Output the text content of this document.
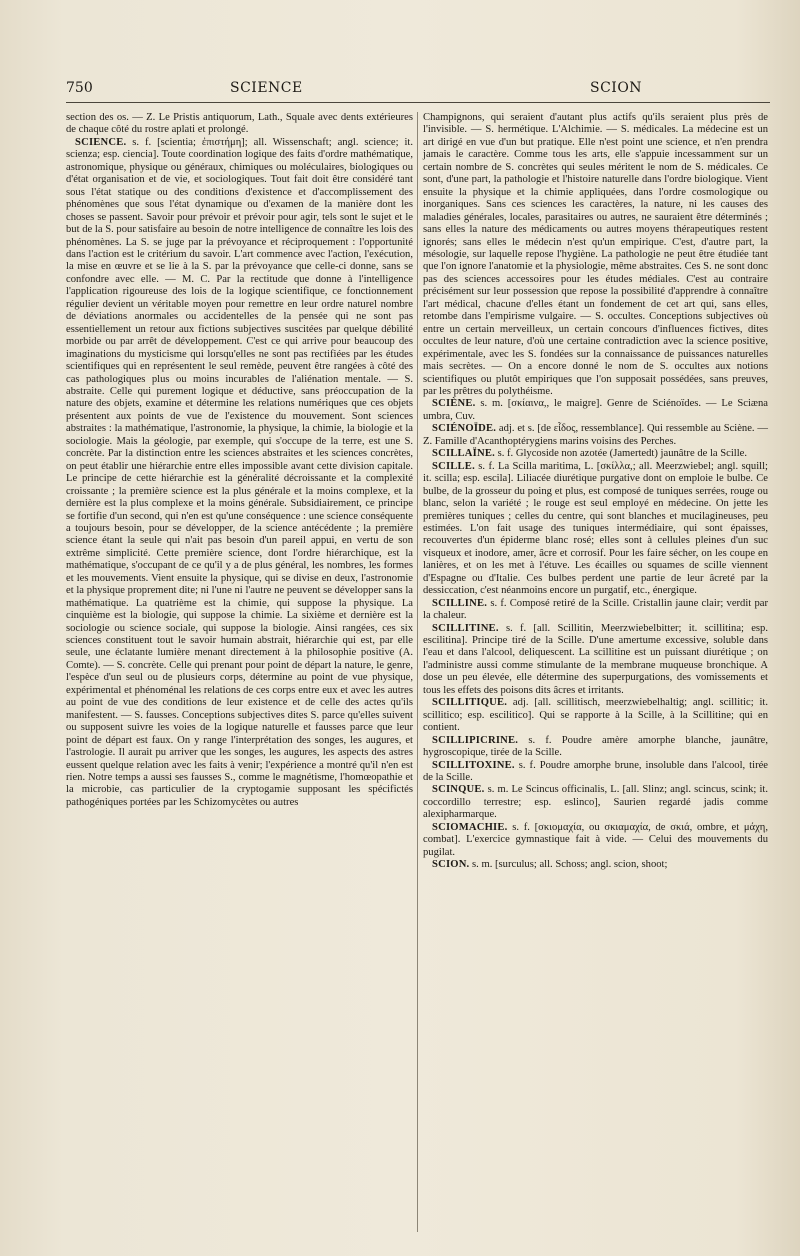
750	SCIENCE	SCION

section des os. — Z. Le Pristis antiquorum, Lath., Squale avec dents extérieures de chaque côté du rostre aplati et prolongé.

SCIENCE. s. f. [scientia; ἐπιστήμη]; all. Wissenschaft; angl. science; it. scienza; esp. ciencia]. Toute coordination logique des faits d'ordre mathématique, astronomique, physique ou généraux, chimiques ou moléculaires, biologiques ou d'état organisation et de vie, et sociologiques. Tout fait doit être considéré tant sous l'état statique ou des conditions d'existence et d'accomplissement des phénomènes que sous l'état dynamique ou d'examen de la manière dont les choses se passent. Savoir pour prévoir et prévoir pour agir, tels sont le sujet et le but de la S. pour satisfaire au besoin de notre intelligence de connaître les lois des phénomènes. La S. se juge par la prévoyance et réciproquement : l'opportunité dans l'action est le critérium du savoir. L'art commence avec l'action, l'exécution, la mise en œuvre et se lie à la S. par la prévoyance que celle-ci donne, sans se confondre avec elle. — M. C. Par la rectitude que donne à l'intelligence l'application rigoureuse des lois de la logique scientifique, ce fonctionnement régulier devient un véritable moyen pour remettre en leur ordre naturel nombre de déviations anormales ou accidentelles de la pensée qui ne sont pas essentiellement un retour aux fictions subjectives suscitées par quelque débilité morbide ou par arrêt de développement. C'est ce qui arrive pour beaucoup des imaginations du mysticisme qui lorsqu'elles ne sont pas rectifiées par les études scientifiques qui en représentent le seul remède, peuvent être rangées à côté des cas pathologiques plus ou moins incurables de l'aliénation mentale. — S. abstraite. Celle qui purement logique et déductive, sans préoccupation de la nature des objets, examine et détermine les relations numériques que ces objets présentent aux points de vue de l'existence du mouvement. Sont sciences abstraites : la mathématique, l'astronomie, la physique, la chimie, la biologie et la sociologie. Mais la géologie, par exemple, qui s'occupe de la terre, est une S. concrète. Par la distinction entre les sciences abstraites et les sciences concrètes, on peut établir une hiérarchie entre elles impossible avant cette division capitale. Le principe de cette hiérarchie est la généralité décroissante et la complexité croissante ; la première science est la plus générale et la moins complexe, et la dernière est la plus complexe et la moins générale. Subsidiairement, ce principe se fortifie d'un second, qui n'en est qu'une conséquence : une science conséquente a toujours besoin, pour se développer, de la science antécédente ; la première science étant la seule qui n'ait pas besoin d'un pareil appui, en vertu de son extrême simplicité. Cette première science, dont l'ordre hiérarchique, est la mathématique, s'occupant de ce qu'il y a de plus général, les nombres, les formes et les mouvements. Vient ensuite la physique, qui se divise en deux, l'astronomie et la physique proprement dite; ni l'une ni l'autre ne peuvent se développer sans la mathématique. La quatrième est la chimie, qui suppose la physique. La cinquième est la biologie, qui suppose la chimie. La sixième et dernière est la sociologie ou science sociale, qui suppose la biologie. Ainsi rangées, ces six sciences constituent tout le savoir humain abstrait, hiérarchie qui est, par elle seule, une éclatante lumière menant directement à la philosophie positive (A. Comte). — S. concrète. Celle qui prenant pour point de départ la nature, le genre, l'espèce d'un seul ou de plusieurs corps, détermine au point de vue physique, expérimental et phénoménal les relations de ces corps entre eux et avec les autres au point de vue des conditions de leur existence et de celle des actes qu'ils manifestent. — S. fausses. Conceptions subjectives dites S. parce qu'elles suivent ou supposent suivre les voies de la logique naturelle et fausses parce que leur point de départ est faux. On y range l'interprétation des songes, les augures, et l'astrologie. Il aurait pu arriver que les songes, les augures, les aspects des astres eussent quelque relation avec les faits à venir; l'expérience a montré qu'il n'en est rien. Notre temps a aussi ses fausses S., comme le magnétisme, l'homœopathie et la microbie, cas particulier de la cryptogamie supposant les spécifictés pathogéniques portées par les Schizomycètes ou autres

Champignons, qui seraient d'autant plus actifs qu'ils seraient plus près de l'invisible. — S. hermétique. L'Alchimie. — S. médicales. La médecine est un art dirigé en vue d'un but pratique. Elle n'est point une science, et n'en prendra jamais le caractère. Comme tous les arts, elle s'appuie incessamment sur un certain nombre de S. concrètes qui seules méritent le nom de S. médicales. Ce sont, d'une part, la pathologie et l'histoire naturelle dans l'ordre biologique. Vient ensuite la physique et la chimie appliquées, dans l'ordre cosmologique ou inorganiques. Sans ces sciences les caractères, la nature, ni les causes des maladies générales, locales, parasitaires ou autres, ne sauraient être déterminés ; sans elles la nature des médicaments ou autres moyens thérapeutiques restent ignorés; sans elles le médecin n'est qu'un empirique. C'est, d'autre part, la mésologie, sur laquelle repose l'hygiène. La pathologie ne peut être étudiée tant que l'on ignore l'anatomie et la physiologie, même abstraites. Ces S. ne sont donc pas des sciences accessoires pour les études médiales. C'est au contraire précisément sur leur possession que repose la possibilité d'apprendre à connaître l'art médical, chacune d'elles étant un fondement de cet art qui, sans elles, retombe dans l'empirisme vulgaire. — S. occultes. Conceptions subjectives où entre un certain merveilleux, un certain concours d'influences fictives, dites occultes de leur nature, d'où une certaine contradiction avec la science positive, expérimentale, avec les S. fondées sur la connaissance de puissances naturelles mais secrètes. — On a encore donné le nom de S. occultes aux notions scientifiques ou plutôt empiriques que l'on supposait possédées, sans preuves, par les prêtres du polythéisme.

SCIÈNE. s. m. [σκίαινα,, le maigre]. Genre de Sciénoïdes. — Le Sciæna umbra, Cuv.

SCIÉNOÏDE. adj. et s. [de εἶδος, ressemblance]. Qui ressemble au Sciène. — Z. Famille d'Acanthoptérygiens marins voisins des Perches.

SCILLAÏNE. s. f. Glycoside non azotée (Jamertedt) jaunâtre de la Scille.

SCILLE. s. f. La Scilla maritima, L. [σκίλλα,; all. Meerzwiebel; angl. squill; it. scilla; esp. escila]. Liliacée diurétique purgative dont on emploie le bulbe. Ce bulbe, de la grosseur du poing et plus, est composé de tuniques serrées, rouge ou blanc, selon la variété ; le rouge est seul employé en médecine. On jette les premières tuniques ; celles du centre, qui sont blanches et mucilagineuses, peu estimées. L'on fait usage des tuniques intermédiaire, qui sont épaisses, recouvertes d'un épiderme blanc rosé; elles sont à cellules pleines d'un suc visqueux et inodore, amer, âcre et corrosif. Pour les faire sécher, on les coupe en lanières, et on les met à l'étuve. Les écailles ou squames de scille viennent d'Espagne ou d'Italie. Ces bulbes perdent une partie de leur âcreté par la dessiccation, c'est néanmoins encore un purgatif, etc., énergique.

SCILLINE. s. f. Composé retiré de la Scille. Cristallin jaune clair; verdit par la chaleur.

SCILLITINE. s. f. [all. Scillitin, Meerzwiebelbitter; it. scillitina; esp. escilitina]. Principe tiré de la Scille. D'une amertume excessive, soluble dans l'eau et dans l'alcool, deliquescent. La scillitine est un puissant diurétique ; on l'administre aussi comme stimulante de la membrane muqueuse bronchique. A dose un peu élevée, elle détermine des superpurgations, des vomissements et tous les effets des poisons dits âcres et irritants.

SCILLITIQUE. adj. [all. scillitisch, meerzwiebelhaltig; angl. scillitic; it. scillitico; esp. escilitico]. Qui se rapporte à la Scille, à la Scillitine; qui en contient.

SCILLIPICRINE. s. f. Poudre amère amorphe blanche, jaunâtre, hygroscopique, tirée de la Scille.

SCILLITOXINE. s. f. Poudre amorphe brune, insoluble dans l'alcool, tirée de la Scille.

SCINQUE. s. m. Le Scincus officinalis, L. [all. Slinz; angl. scincus, scink; it. coccordillo terrestre; esp. eslinco], Saurien regardé jadis comme alexipharmarque.

SCIOMACHIE. s. f. [σκιομαχία, ou σκιαμαχία, de σκιά, ombre, et μάχη, combat]. L'exercice gymnastique fait à vide. — Celui des mouvements du pugilat.

SCION. s. m. [surculus; all. Schoss; angl. scion, shoot;
